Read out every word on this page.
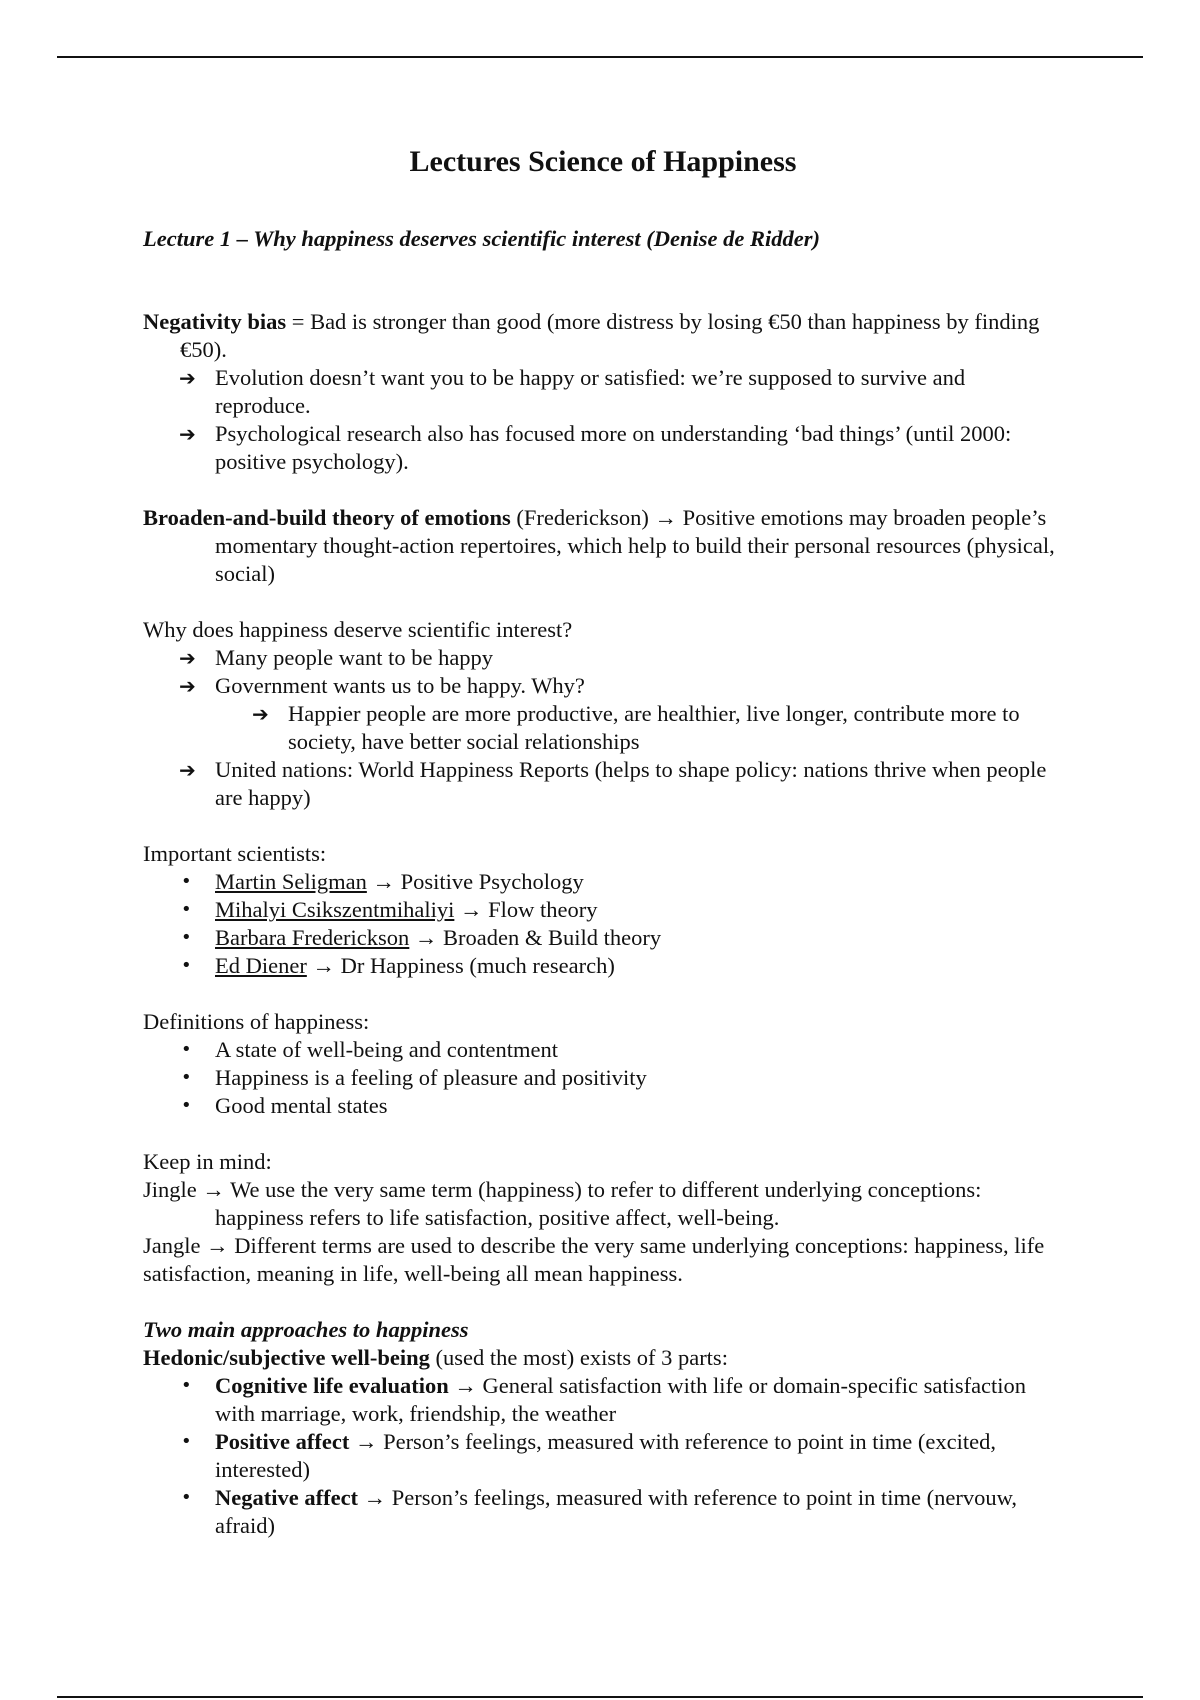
Lectures Science of Happiness
Lecture 1 – Why happiness deserves scientific interest (Denise de Ridder)

Negativity bias = Bad is stronger than good (more distress by losing €50 than happiness by finding €50).

➔ Evolution doesn’t want you to be happy or satisfied: we’re supposed to survive and reproduce.
➔ Psychological research also has focused more on understanding ‘bad things’ (until 2000: positive psychology).

Broaden-and-build theory of emotions (Frederickson) → Positive emotions may broaden people’s momentary thought-action repertoires, which help to build their personal resources (physical, social)

Why does happiness deserve scientific interest?

➔ Many people want to be happy
➔ Government wants us to be happy. Why?
➔ Happier people are more productive, are healthier, live longer, contribute more to society, have better social relationships
➔ United nations: World Happiness Reports (helps to shape policy: nations thrive when people are happy)

Important scientists:

• Martin Seligman → Positive Psychology
• Mihalyi Csikszentmihaliyi → Flow theory
• Barbara Frederickson → Broaden & Build theory
• Ed Diener → Dr Happiness (much research)

Definitions of happiness:

• A state of well-being and contentment
• Happiness is a feeling of pleasure and positivity
• Good mental states

Keep in mind:

Jingle → We use the very same term (happiness) to refer to different underlying conceptions: happiness refers to life satisfaction, positive affect, well-being.

Jangle → Different terms are used to describe the very same underlying conceptions: happiness, life satisfaction, meaning in life, well-being all mean happiness.

Two main approaches to happiness

Hedonic/subjective well-being (used the most) exists of 3 parts:

• Cognitive life evaluation → General satisfaction with life or domain-specific satisfaction with marriage, work, friendship, the weather
• Positive affect → Person’s feelings, measured with reference to point in time (excited, interested)
• Negative affect → Person’s feelings, measured with reference to point in time (nervouw, afraid)
